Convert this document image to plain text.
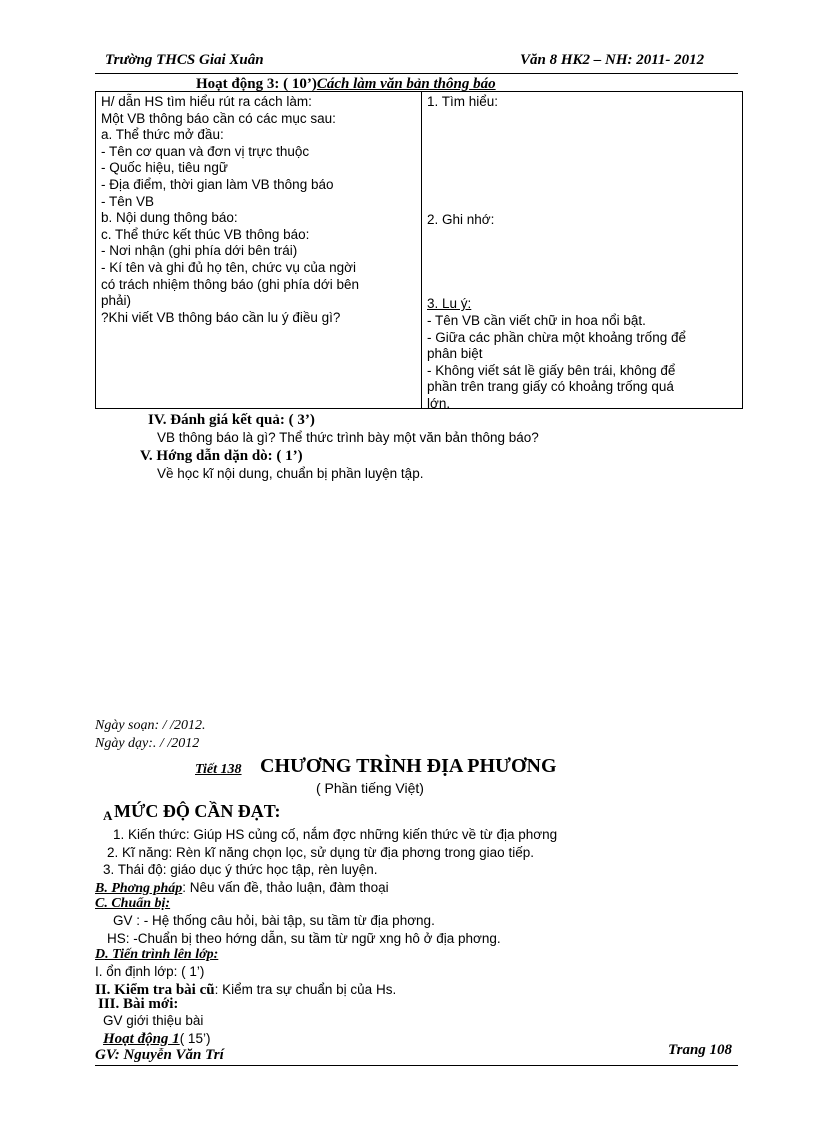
Trường THCS Giai Xuân	Văn 8 HK2 – NH: 2011- 2012
Hoạt động 3: ( 10’)Cách làm văn bản thông báo
H/ dẫn HS tìm hiểu rút ra cách làm:
Một VB thông báo cần có các mục sau:
a. Thể thức mở đầu:
- Tên cơ quan và đơn vị trực thuộc
- Quốc hiệu, tiêu ngữ
- Địa điểm, thời gian làm VB thông báo
- Tên VB
b. Nội dung thông báo:
c. Thể thức kết thúc VB thông báo:
- Nơi nhận (ghi phía dới bên trái)
- Kí tên và ghi đủ họ tên, chức vụ của ngời
có trách nhiệm thông báo (ghi phía dới bên
phải)
?Khi viết VB thông báo cần lu ý điều gì?
1. Tìm hiểu:
2. Ghi nhớ:
3. Lu ý:
- Tên VB cần viết chữ in hoa nổi bật.
- Giữa các phần chừa một khoảng trống để
phân biệt
- Không viết sát lề giấy bên trái, không để
phần trên trang giấy có khoảng trống quá
lớn.
IV. Đánh giá kết quả: ( 3’)
VB thông báo là gì? Thể thức trình bày một văn bản thông báo?
V. Hớng dẫn dặn dò: ( 1’)
Về học kĩ nội dung, chuẩn bị phần luyện tập.
Ngày soạn: / /2012.
Ngày dạy:. / /2012
Tiết 138 CHƯƠNG TRÌNH ĐỊA PHƯƠNG
( Phần tiếng Việt)
A MỨC ĐỘ CẦN ĐẠT:
1. Kiến thức: Giúp HS củng cố, nắm đợc những kiến thức về từ địa phơng
2. Kĩ năng: Rèn kĩ năng chọn lọc, sử dụng từ địa phơng trong giao tiếp.
3. Thái độ: giáo dục ý thức học tập, rèn luyện.
B. Phơng pháp: Nêu vấn đề, thảo luận, đàm thoại
C. Chuẩn bị:
GV : - Hệ thống câu hỏi, bài tập, su tầm từ địa phơng.
HS: -Chuẩn bị theo hớng dẫn, su tầm từ ngữ xng hô ở địa phơng.
D. Tiến trình lên lớp:
I. ổn định lớp: ( 1’)
II. Kiểm tra bài cũ: Kiểm tra sự chuẩn bị của Hs.
III. Bài mới:
GV giới thiệu bài
Hoạt động 1( 15’)
Trang 108
GV: Nguyễn Văn Trí
